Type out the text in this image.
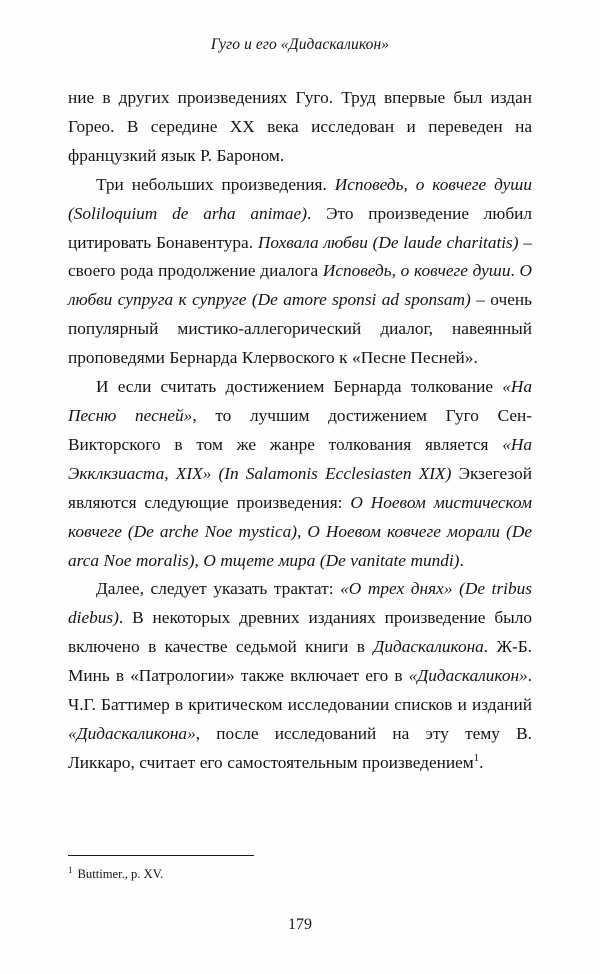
Гуго и его «Дидаскаликон»

ние в других произведениях Гуго. Труд впервые был издан Горео. В середине XX века исследован и переведен на французкий язык Р. Бароном.

Три небольших произведения. Исповедь, о ковчеге души (Soliloquium de arha animae). Это произведение любил цитировать Бонавентура. Похвала любви (De laude charitatis) – своего рода продолжение диалога Исповедь, о ковчеге души. О любви супруга к супруге (De amore sponsi ad sponsam) – очень популярный мистико-аллегорический диалог, навеянный проповедями Бернарда Клервоского к «Песне Песней».

И если считать достижением Бернарда толкование «На Песню песней», то лучшим достижением Гуго Сен-Викторского в том же жанре толкования является «На Экклкзиаста, XIX» (In Salamonis Ecclesiasten XIX) Экзегезой являются следующие произведения: О Ноевом мистическом ковчеге (De arche Noe mystica), О Ноевом ковчеге морали (De arca Noe moralis), О тщете мира (De vanitate mundi).

Далее, следует указать трактат: «О трех днях» (De tribus diebus). В некоторых древних изданиях произведение было включено в качестве седьмой книги в Дидаскаликона. Ж-Б. Минь в «Патрологии» также включает его в «Дидаскаликон». Ч.Г. Баттимер в критическом исследовании списков и изданий «Дидаскаликона», после исследований на эту тему В. Ликкаро, считает его самостоятельным произведением$^1$.

$^1$ Buttimer., p. XV.
179
